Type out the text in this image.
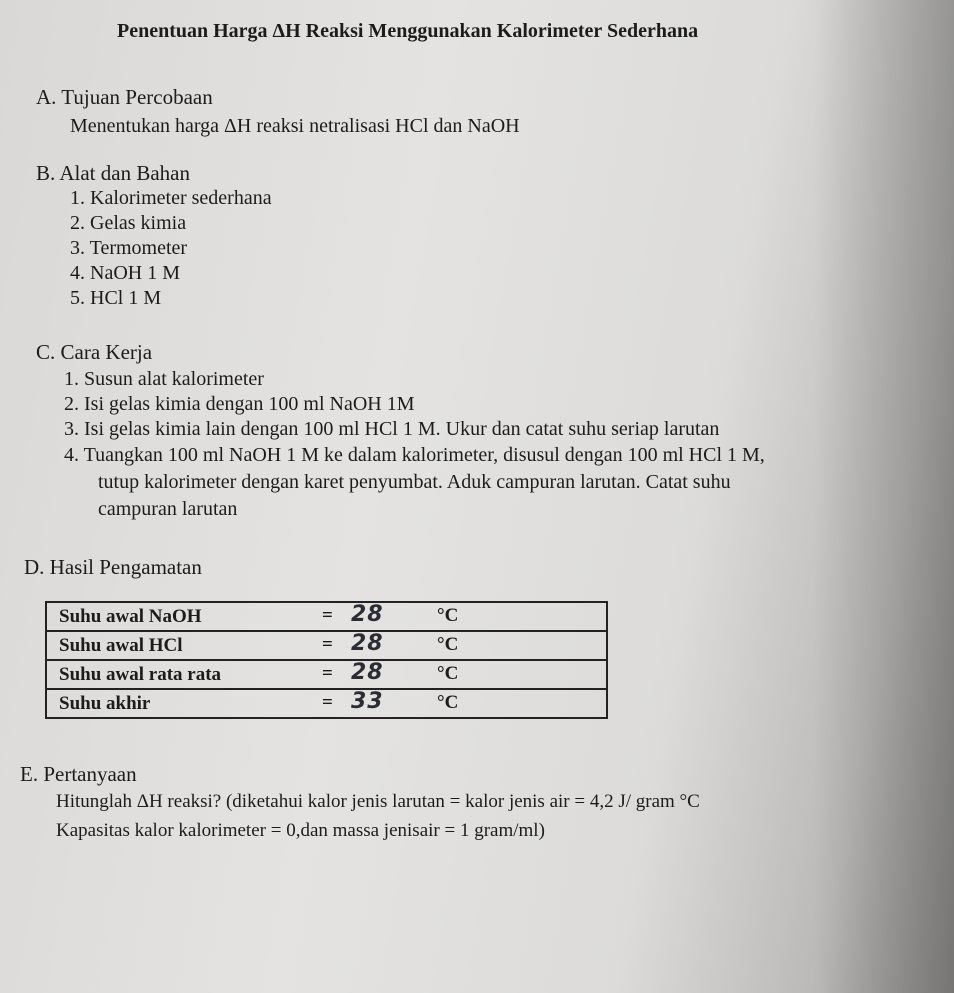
Penentuan Harga ΔH Reaksi Menggunakan Kalorimeter Sederhana
A. Tujuan Percobaan
Menentukan harga ΔH reaksi netralisasi HCl dan NaOH
B. Alat dan Bahan
1. Kalorimeter sederhana
2. Gelas kimia
3. Termometer
4. NaOH 1 M
5. HCl 1 M
C. Cara Kerja
1. Susun alat kalorimeter
2. Isi gelas kimia dengan 100 ml NaOH 1M
3. Isi gelas kimia lain dengan 100 ml HCl 1 M. Ukur dan catat suhu seriap larutan
4. Tuangkan 100 ml NaOH 1 M ke dalam kalorimeter, disusul dengan 100 ml HCl 1 M,
tutup kalorimeter dengan karet penyumbat. Aduk campuran larutan. Catat suhu
campuran larutan
D. Hasil Pengamatan
Suhu awal NaOH	= 28 °C

Suhu awal HCl	= 28 °C

Suhu awal rata rata	= 28 °C

Suhu akhir	= 33 °C
E. Pertanyaan
Hitunglah ΔH reaksi? (diketahui kalor jenis larutan = kalor jenis air = 4,2 J/ gram °C
Kapasitas kalor kalorimeter = 0,dan massa jenisair = 1 gram/ml)
